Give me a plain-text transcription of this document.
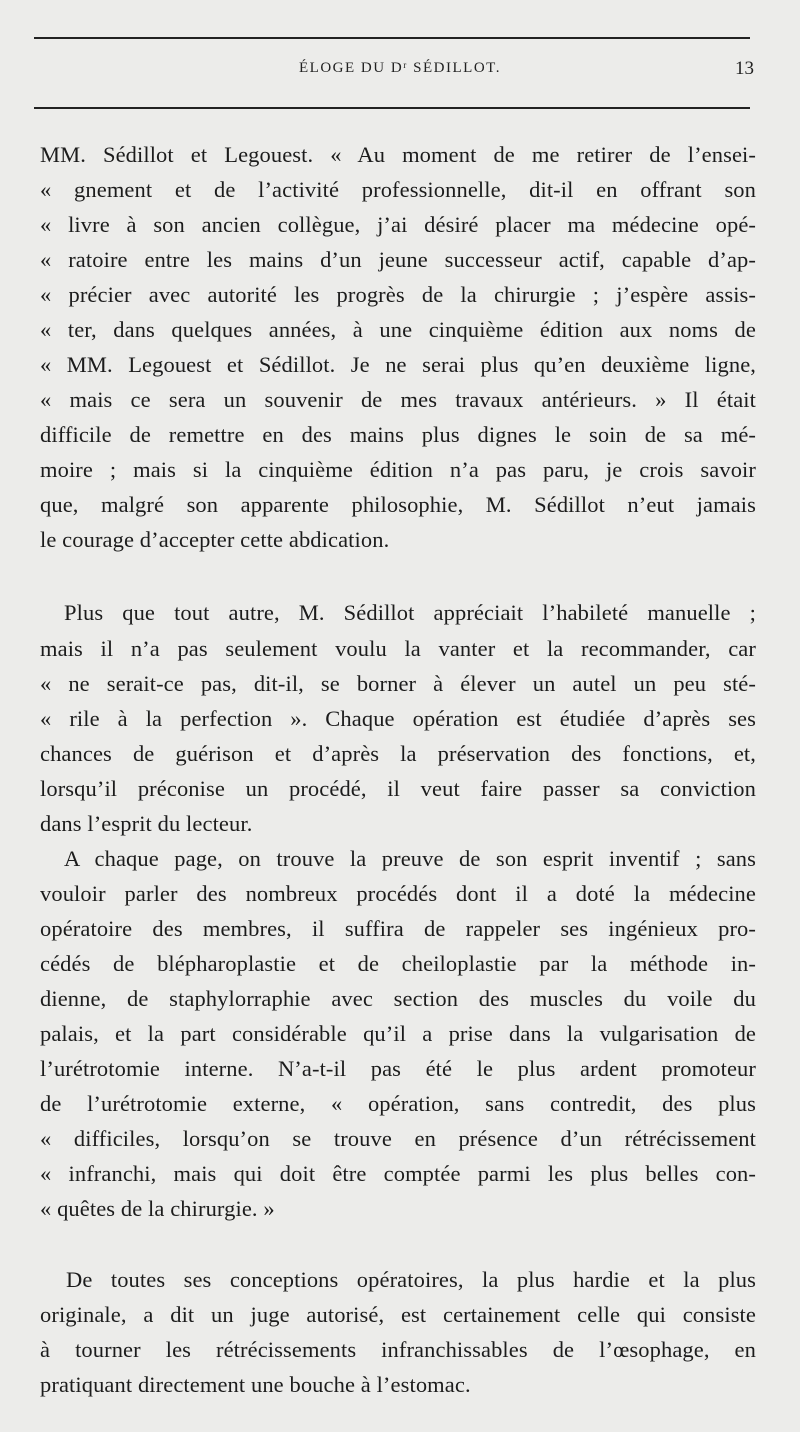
ÉLOGE DU Dʳ SÉDILLOT.	13
MM. Sédillot et Legouest. « Au moment de me retirer de l’ensei-
« gnement et de l’activité professionnelle, dit-il en offrant son
« livre à son ancien collègue, j’ai désiré placer ma médecine opé-
« ratoire entre les mains d’un jeune successeur actif, capable d’ap-
« précier avec autorité les progrès de la chirurgie ; j’espère assis-
« ter, dans quelques années, à une cinquième édition aux noms de
« MM. Legouest et Sédillot. Je ne serai plus qu’en deuxième ligne,
« mais ce sera un souvenir de mes travaux antérieurs. » Il était
difficile de remettre en des mains plus dignes le soin de sa mé-
moire ; mais si la cinquième édition n’a pas paru, je crois savoir
que, malgré son apparente philosophie, M. Sédillot n’eut jamais
le courage d’accepter cette abdication.
Plus que tout autre, M. Sédillot appréciait l’habileté manuelle ;
mais il n’a pas seulement voulu la vanter et la recommander, car
« ne serait-ce pas, dit-il, se borner à élever un autel un peu sté-
« rile à la perfection ». Chaque opération est étudiée d’après ses
chances de guérison et d’après la préservation des fonctions, et,
lorsqu’il préconise un procédé, il veut faire passer sa conviction
dans l’esprit du lecteur.
A chaque page, on trouve la preuve de son esprit inventif ; sans
vouloir parler des nombreux procédés dont il a doté la médecine
opératoire des membres, il suffira de rappeler ses ingénieux pro-
cédés de blépharoplastie et de cheiloplastie par la méthode in-
dienne, de staphylorraphie avec section des muscles du voile du
palais, et la part considérable qu’il a prise dans la vulgarisation de
l’urétrotomie interne. N’a-t-il pas été le plus ardent promoteur
de l’urétrotomie externe, « opération, sans contredit, des plus
« difficiles, lorsqu’on se trouve en présence d’un rétrécissement
« infranchi, mais qui doit être comptée parmi les plus belles con-
« quêtes de la chirurgie. »
De toutes ses conceptions opératoires, la plus hardie et la plus
originale, a dit un juge autorisé, est certainement celle qui consiste
à tourner les rétrécissements infranchissables de l’œsophage, en
pratiquant directement une bouche à l’estomac.
